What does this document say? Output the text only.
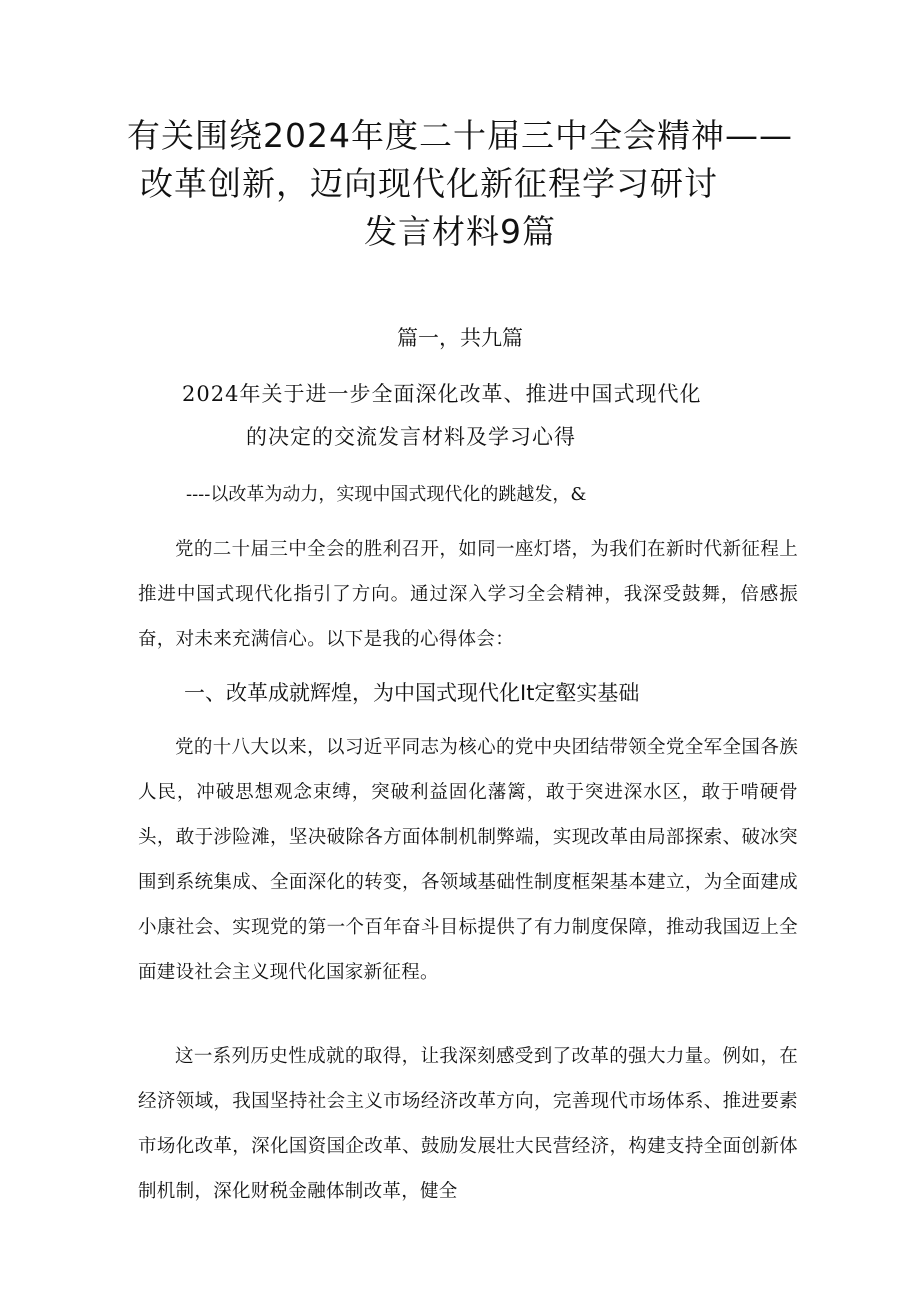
有关围绕2024年度二十届三中全会精神——
改革创新，迈向现代化新征程学习研讨
发言材料9篇
篇一，共九篇
2024年关于进一步全面深化改革、推进中国式现代化
的决定的交流发言材料及学习心得
----以改革为动力，实现中国式现代化的跳越发，&

党的二十届三中全会的胜利召开，如同一座灯塔，为我们在新时代新征程上推进中国式现代化指引了方向。通过深入学习全会精神，我深受鼓舞，倍感振奋，对未来充满信心。以下是我的心得体会：

一、改革成就辉煌，为中国式现代化It定壑实基础

党的十八大以来，以习近平同志为核心的党中央团结带领全党全军全国各族人民，冲破思想观念束缚，突破利益固化藩篱，敢于突进深水区，敢于啃硬骨头，敢于涉险滩，坚决破除各方面体制机制弊端，实现改革由局部探索、破冰突围到系统集成、全面深化的转变，各领域基础性制度框架基本建立，为全面建成小康社会、实现党的第一个百年奋斗目标提供了有力制度保障，推动我国迈上全面建设社会主义现代化国家新征程。

这一系列历史性成就的取得，让我深刻感受到了改革的强大力量。例如，在经济领域，我国坚持社会主义市场经济改革方向，完善现代市场体系、推进要素市场化改革，深化国资国企改革、鼓励发展壮大民营经济，构建支持全面创新体制机制，深化财税金融体制改革，健全
